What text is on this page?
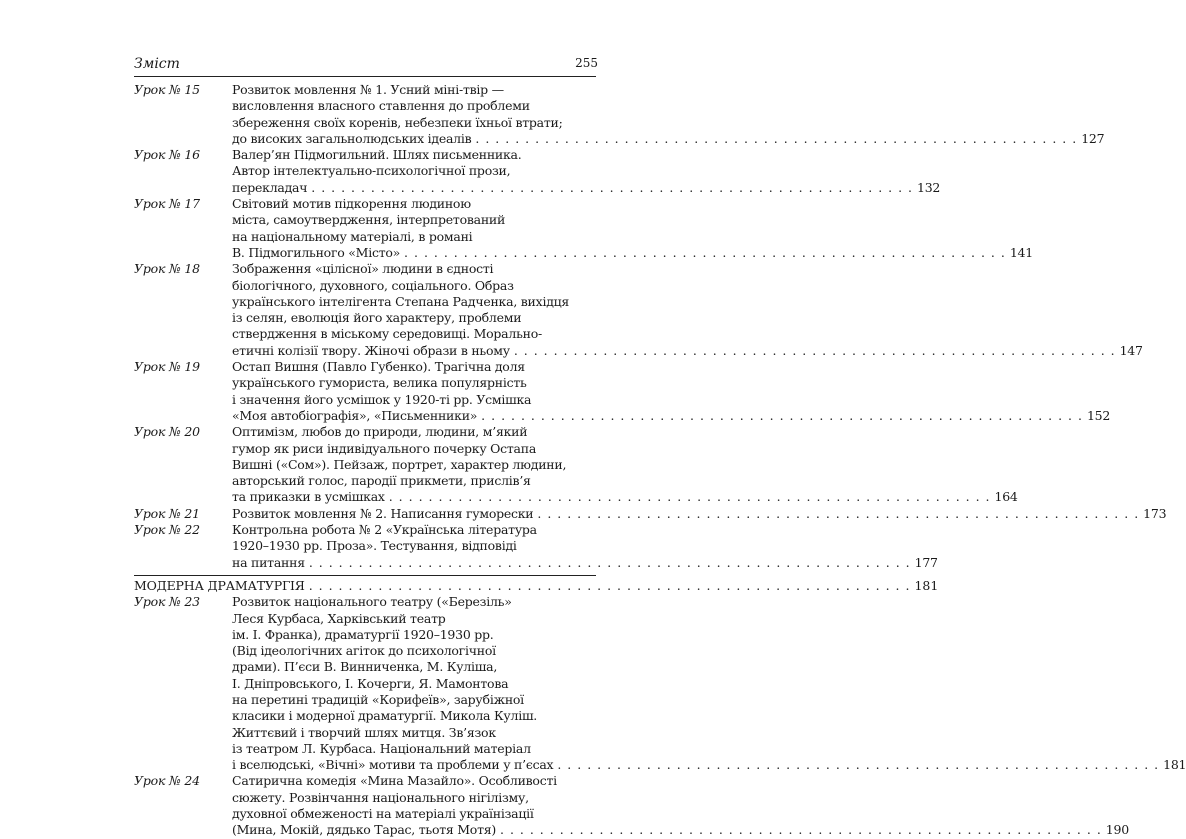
Зміст	255
Урок № 15	Розвиток мовлення № 1. Усний міні-твір —
висловлення власного ставлення до проблеми
збереження своїх коренів, небезпеки їхньої втрати;
до високих загальнолюдських ідеалів . . .	127
Урок № 16	Валер’ян Підмогильний. Шлях письменника.
Автор інтелектуально-психологічної прози,
перекладач . . .	132
Урок № 17	Світовий мотив підкорення людиною
міста, самоутвердження, інтерпретований
на національному матеріалі, в романі
В. Підмогильного «Місто» . . .	141
Урок № 18	Зображення «цілісної» людини в єдності
біологічного, духовного, соціального. Образ
українського інтелігента Степана Радченка, вихідця
із селян, еволюція його характеру, проблеми
ствердження в міському середовищі. Морально-
етичні колізії твору. Жіночі образи в ньому . . .	147
Урок № 19	Остап Вишня (Павло Губенко). Трагічна доля
українського гумориста, велика популярність
і значення його усмішок у 1920-ті рр. Усмішка
«Моя автобіографія», «Письменники» . . .	152
Урок № 20	Оптимізм, любов до природи, людини, м’який
гумор як риси індивідуального почерку Остапа
Вишні («Сом»). Пейзаж, портрет, характер людини,
авторський голос, пародії прикмети, прислів’я
та приказки в усмішках . . .	164
Урок № 21	Розвиток мовлення № 2. Написання гуморески . . .	173
Урок № 22	Контрольна робота № 2 «Українська література
1920–1930 рр. Проза». Тестування, відповіді
на питання . . .	177
МОДЕРНА ДРАМАТУРГІЯ . . .	181
Урок № 23	Розвиток національного театру («Березіль»
Леся Курбаса, Харківський театр
ім. І. Франка), драматургії 1920–1930 рр.
(Від ідеологічних агіток до психологічної
драми). П’єси В. Винниченка, М. Куліша,
І. Дніпровського, І. Кочерги, Я. Мамонтова
на перетині традицій «Корифеїв», зарубіжної
класики і модерної драматургії. Микола Куліш.
Життєвий і творчий шлях митця. Зв’язок
із театром Л. Курбаса. Національний матеріал
і вселюдські, «Вічні» мотиви та проблеми у п’єсах . . .	181
Урок № 24	Сатирична комедія «Мина Мазайло». Особливості
сюжету. Розвінчання національного нігілізму,
духовної обмеженості на матеріалі українізації
(Мина, Мокій, дядько Тарас, тьотя Мотя) . . .	190
